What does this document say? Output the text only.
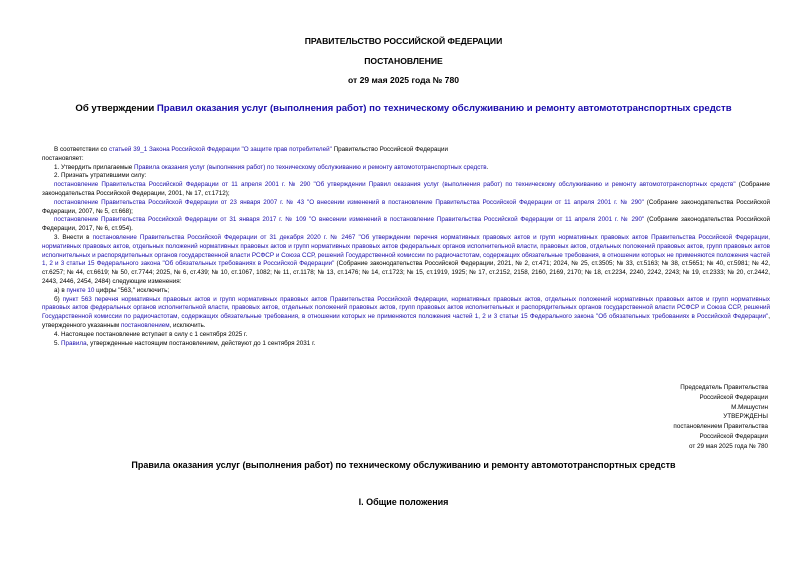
ПРАВИТЕЛЬСТВО РОССИЙСКОЙ ФЕДЕРАЦИИ
ПОСТАНОВЛЕНИЕ
от 29 мая 2025 года № 780
Об утверждении Правил оказания услуг (выполнения работ) по техническому обслуживанию и ремонту автомототранспортных средств

В соответствии со статьей 39_1 Закона Российской Федерации "О защите прав потребителей" Правительство Российской Федерации

постановляет:

1. Утвердить прилагаемые Правила оказания услуг (выполнения работ) по техническому обслуживанию и ремонту автомототранспортных средств.

2. Признать утратившими силу:

постановление Правительства Российской Федерации от 11 апреля 2001 г. № 290 "Об утверждении Правил оказания услуг (выполнения работ) по техническому обслуживанию и ремонту автомототранспортных средств" (Собрание законодательства Российской Федерации, 2001, № 17, ст.1712);

постановление Правительства Российской Федерации от 23 января 2007 г. № 43 "О внесении изменений в постановление Правительства Российской Федерации от 11 апреля 2001 г. № 290" (Собрание законодательства Российской Федерации, 2007, № 5, ст.668);

постановление Правительства Российской Федерации от 31 января 2017 г. № 109 "О внесении изменений в постановление Правительства Российской Федерации от 11 апреля 2001 г. № 290" (Собрание законодательства Российской Федерации, 2017, № 6, ст.954).

3. Внести в постановление Правительства Российской Федерации от 31 декабря 2020 г. № 2467 "Об утверждении перечня нормативных правовых актов и групп нормативных правовых актов Правительства Российской Федерации, нормативных правовых актов, отдельных положений нормативных правовых актов и групп нормативных правовых актов федеральных органов исполнительной власти, правовых актов, отдельных положений правовых актов, групп правовых актов исполнительных и распорядительных органов государственной власти РСФСР и Союза ССР, решений Государственной комиссии по радиочастотам, содержащих обязательные требования, в отношении которых не применяются положения частей 1, 2 и 3 статьи 15 Федерального закона "Об обязательных требованиях в Российской Федерации" (Собрание законодательства Российской Федерации, 2021, № 2, ст.471; 2024, № 25, ст.3505; № 33, ст.5163; № 38, ст.5651; № 40, ст.5981; № 42, ст.6257; № 44, ст.6619; № 50, ст.7744; 2025, № 6, ст.439; № 10, ст.1067, 1082; № 11, ст.1178; № 13, ст.1476; № 14, ст.1723; № 15, ст.1919, 1925; № 17, ст.2152, 2158, 2160, 2169, 2170; № 18, ст.2234, 2240, 2242, 2243; № 19, ст.2333; № 20, ст.2442, 2443, 2446, 2454, 2484) следующие изменения:

а) в пункте 10 цифры "563," исключить;

б) пункт 563 перечня нормативных правовых актов и групп нормативных правовых актов Правительства Российской Федерации, нормативных правовых актов, отдельных положений нормативных правовых актов и групп нормативных правовых актов федеральных органов исполнительной власти, правовых актов, отдельных положений правовых актов, групп правовых актов исполнительных и распорядительных органов государственной власти РСФСР и Союза ССР, решений Государственной комиссии по радиочастотам, содержащих обязательные требования, в отношении которых не применяются положения частей 1, 2 и 3 статьи 15 Федерального закона "Об обязательных требованиях в Российской Федерации", утвержденного указанным постановлением, исключить.

4. Настоящее постановление вступает в силу с 1 сентября 2025 г.

5. Правила, утвержденные настоящим постановлением, действуют до 1 сентября 2031 г.

Председатель Правительства
Российской Федерации
М.Мишустин
УТВЕРЖДЕНЫ
постановлением Правительства
Российской Федерации
от 29 мая 2025 года № 780
Правила оказания услуг (выполнения работ) по техническому обслуживанию и ремонту автомототранспортных средств
I. Общие положения
